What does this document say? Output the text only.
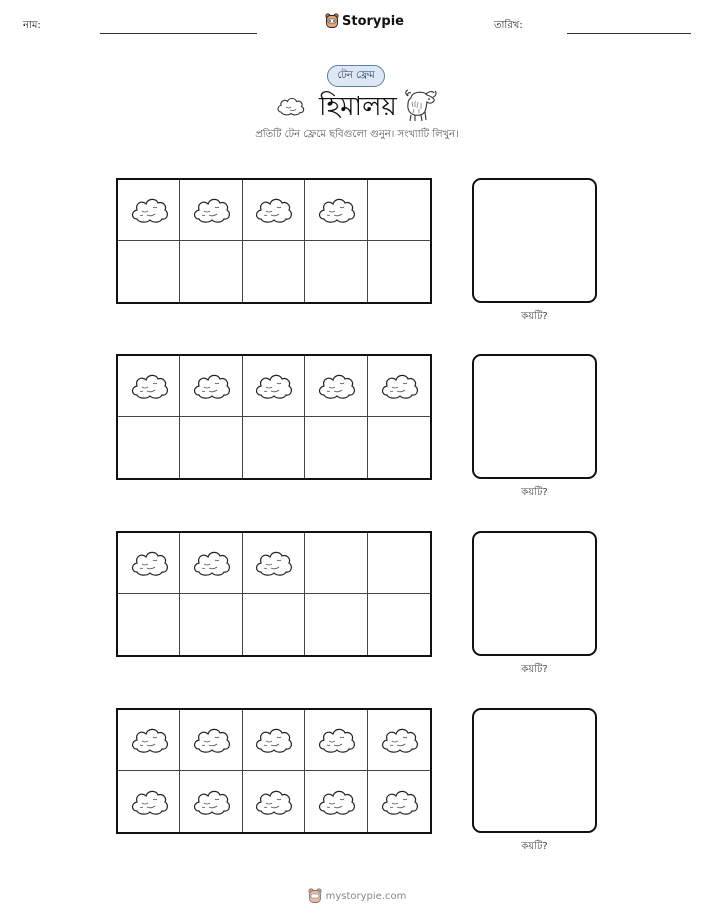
নাম:	Storypie	তারিখ:
টেন ফ্রেম
হিমালয়
প্রতিটি টেন ফ্রেমে ছবিগুলো গুনুন। সংখ্যাটি লিখুন।
কয়টি?
কয়টি?
কয়টি?
কয়টি?
mystorypie.com
